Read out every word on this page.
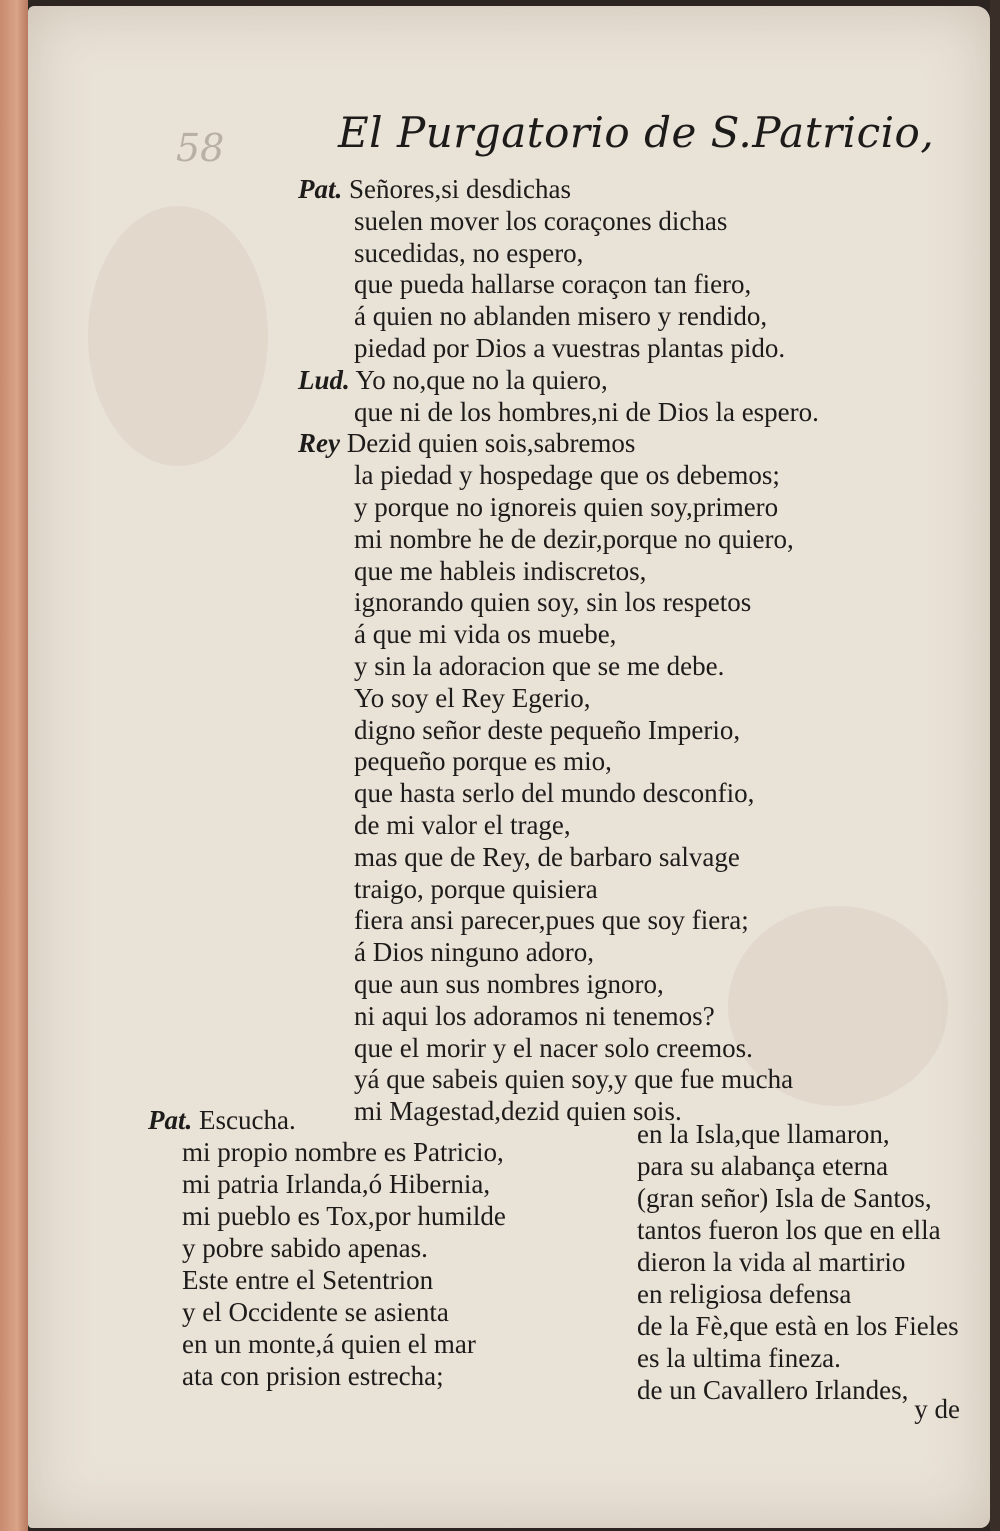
58	El Purgatorio de S.Patricio,
Pat. Señores,si desdichas
suelen mover los coraçones dichas
sucedidas, no espero,
que pueda hallarse coraçon tan fiero,
á quien no ablanden misero y rendido,
piedad por Dios a vuestras plantas pido.
Lud. Yo no,que no la quiero,
que ni de los hombres,ni de Dios la espero.
Rey Dezid quien sois,sabremos
la piedad y hospedage que os debemos;
y porque no ignoreis quien soy,primero
mi nombre he de dezir,porque no quiero,
que me hableis indiscretos,
ignorando quien soy, sin los respetos
á que mi vida os muebe,
y sin la adoracion que se me debe.
Yo soy el Rey Egerio,
digno señor deste pequeño Imperio,
pequeño porque es mio,
que hasta serlo del mundo desconfio,
de mi valor el trage,
mas que de Rey, de barbaro salvage
traigo, porque quisiera
fiera ansi parecer,pues que soy fiera;
á Dios ninguno adoro,
que aun sus nombres ignoro,
ni aqui los adoramos ni tenemos?
que el morir y el nacer solo creemos.
yá que sabeis quien soy,y que fue mucha
mi Magestad,dezid quien sois.
Pat. Escucha.
mi propio nombre es Patricio,
mi patria Irlanda,ó Hibernia,
mi pueblo es Tox,por humilde
y pobre sabido apenas.
Este entre el Setentrion
y el Occidente se asienta
en un monte,á quien el mar
ata con prision estrecha;
en la Isla,que llamaron,
para su alabança eterna
(gran señor) Isla de Santos,
tantos fueron los que en ella
dieron la vida al martirio
en religiosa defensa
de la Fè,que està en los Fieles
es la ultima fineza.
de un Cavallero Irlandes,
y de
